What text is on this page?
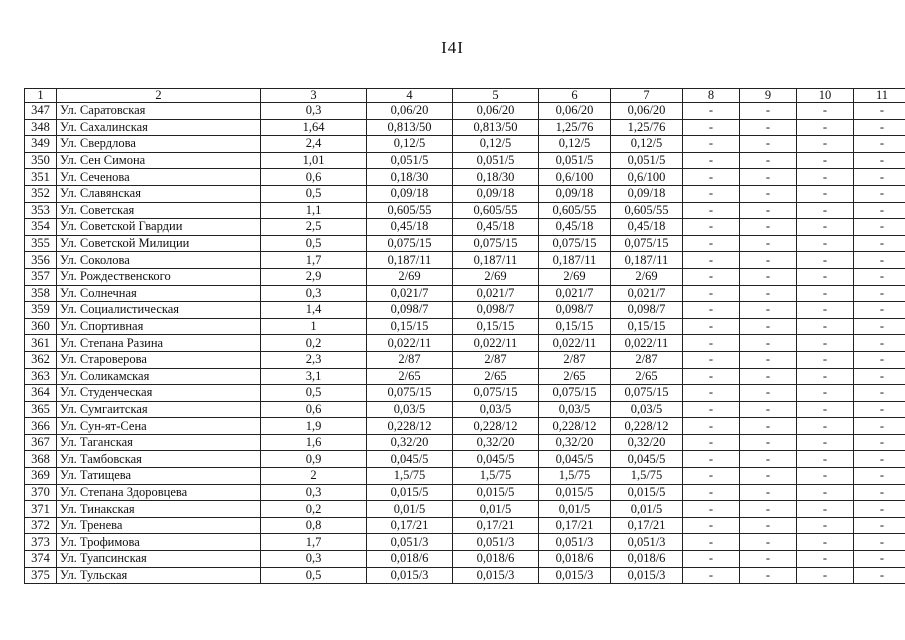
I4I
1	2	3	4	5	6	7	8	9	10	11
347	Ул. Саратовская	0,3	0,06/20	0,06/20	0,06/20	0,06/20	-	-	-	-
348	Ул. Сахалинская	1,64	0,813/50	0,813/50	1,25/76	1,25/76	-	-	-	-
349	Ул. Свердлова	2,4	0,12/5	0,12/5	0,12/5	0,12/5	-	-	-	-
350	Ул. Сен Симона	1,01	0,051/5	0,051/5	0,051/5	0,051/5	-	-	-	-
351	Ул. Сеченова	0,6	0,18/30	0,18/30	0,6/100	0,6/100	-	-	-	-
352	Ул. Славянская	0,5	0,09/18	0,09/18	0,09/18	0,09/18	-	-	-	-
353	Ул. Советская	1,1	0,605/55	0,605/55	0,605/55	0,605/55	-	-	-	-
354	Ул. Советской Гвардии	2,5	0,45/18	0,45/18	0,45/18	0,45/18	-	-	-	-
355	Ул. Советской Милиции	0,5	0,075/15	0,075/15	0,075/15	0,075/15	-	-	-	-
356	Ул. Соколова	1,7	0,187/11	0,187/11	0,187/11	0,187/11	-	-	-	-
357	Ул. Рождественского	2,9	2/69	2/69	2/69	2/69	-	-	-	-
358	Ул. Солнечная	0,3	0,021/7	0,021/7	0,021/7	0,021/7	-	-	-	-
359	Ул. Социалистическая	1,4	0,098/7	0,098/7	0,098/7	0,098/7	-	-	-	-
360	Ул. Спортивная	1	0,15/15	0,15/15	0,15/15	0,15/15	-	-	-	-
361	Ул. Степана Разина	0,2	0,022/11	0,022/11	0,022/11	0,022/11	-	-	-	-
362	Ул. Староверова	2,3	2/87	2/87	2/87	2/87	-	-	-	-
363	Ул. Соликамская	3,1	2/65	2/65	2/65	2/65	-	-	-	-
364	Ул. Студенческая	0,5	0,075/15	0,075/15	0,075/15	0,075/15	-	-	-	-
365	Ул. Сумгаитская	0,6	0,03/5	0,03/5	0,03/5	0,03/5	-	-	-	-
366	Ул. Сун-ят-Сена	1,9	0,228/12	0,228/12	0,228/12	0,228/12	-	-	-	-
367	Ул. Таганская	1,6	0,32/20	0,32/20	0,32/20	0,32/20	-	-	-	-
368	Ул. Тамбовская	0,9	0,045/5	0,045/5	0,045/5	0,045/5	-	-	-	-
369	Ул. Татищева	2	1,5/75	1,5/75	1,5/75	1,5/75	-	-	-	-
370	Ул. Степана Здоровцева	0,3	0,015/5	0,015/5	0,015/5	0,015/5	-	-	-	-
371	Ул. Тинакская	0,2	0,01/5	0,01/5	0,01/5	0,01/5	-	-	-	-
372	Ул. Тренева	0,8	0,17/21	0,17/21	0,17/21	0,17/21	-	-	-	-
373	Ул. Трофимова	1,7	0,051/3	0,051/3	0,051/3	0,051/3	-	-	-	-
374	Ул. Туапсинская	0,3	0,018/6	0,018/6	0,018/6	0,018/6	-	-	-	-
375	Ул. Тульская	0,5	0,015/3	0,015/3	0,015/3	0,015/3	-	-	-	-
